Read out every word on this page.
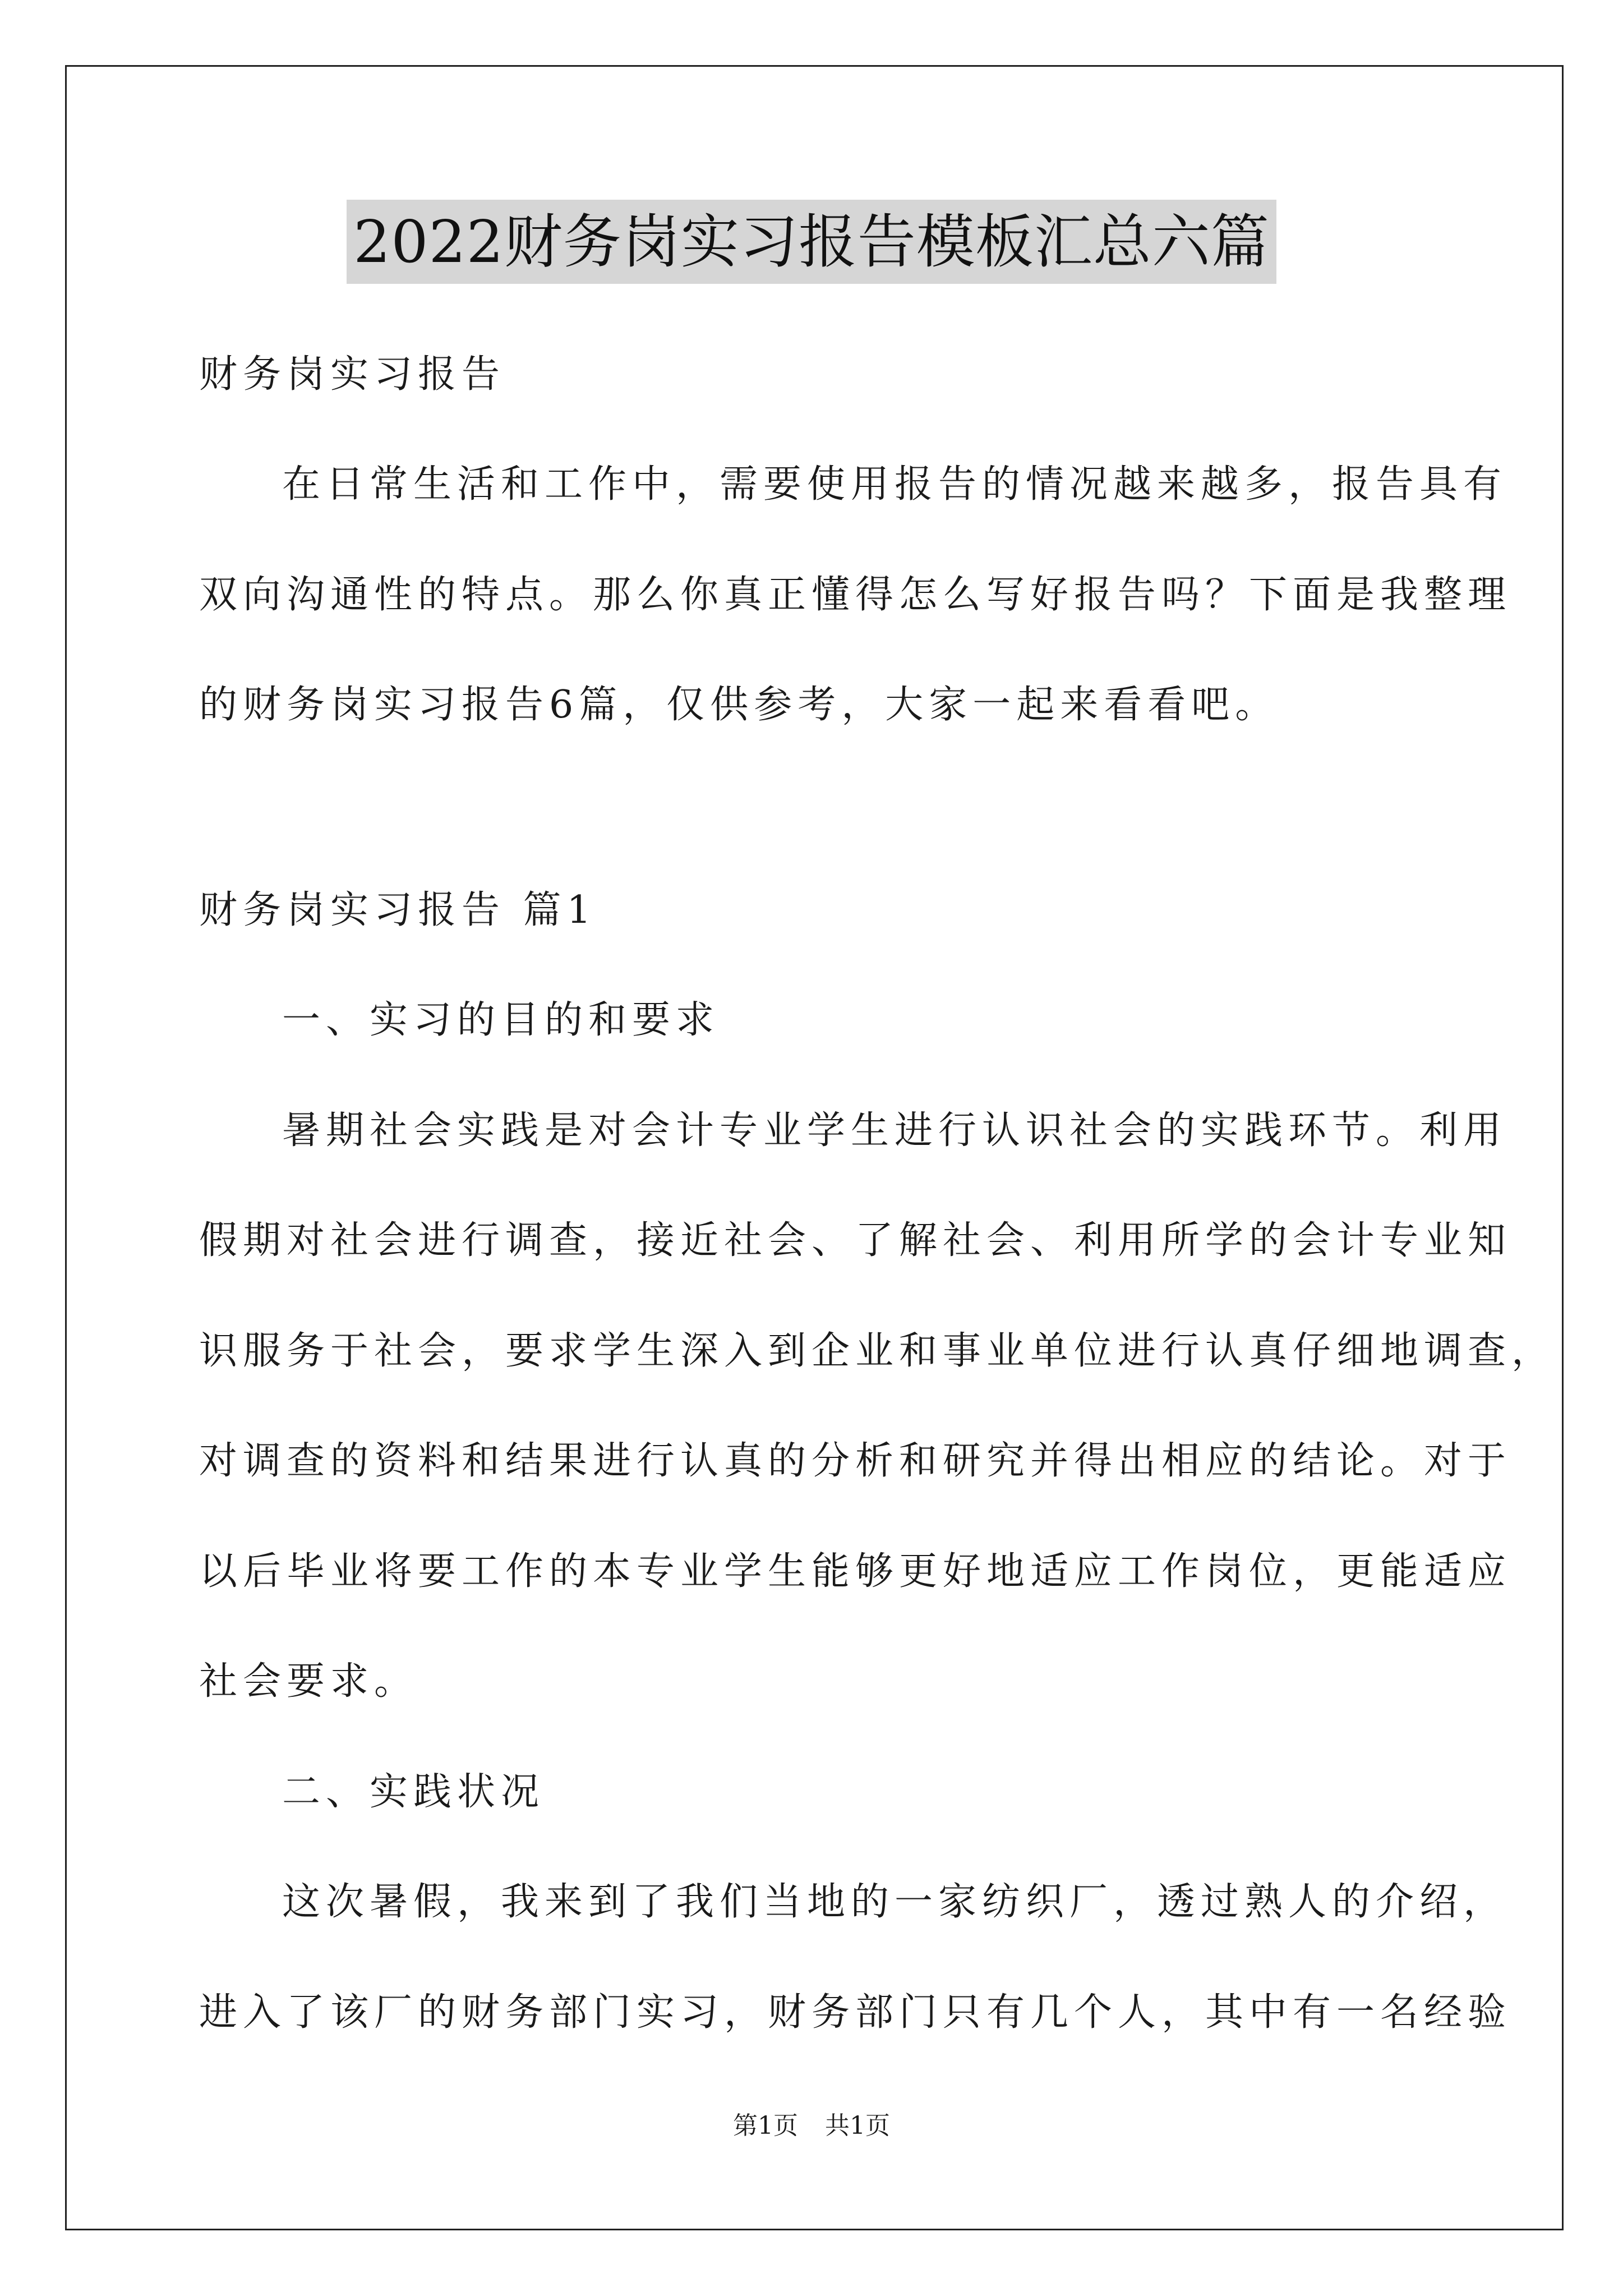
2022财务岗实习报告模板汇总六篇
财务岗实习报告
在日常生活和工作中，需要使用报告的情况越来越多，报告具有
双向沟通性的特点。那么你真正懂得怎么写好报告吗？下面是我整理
的财务岗实习报告6篇，仅供参考，大家一起来看看吧。
财务岗实习报告 篇1
一、实习的目的和要求
暑期社会实践是对会计专业学生进行认识社会的实践环节。利用
假期对社会进行调查，接近社会、了解社会、利用所学的会计专业知
识服务于社会，要求学生深入到企业和事业单位进行认真仔细地调查，
对调查的资料和结果进行认真的分析和研究并得出相应的结论。对于
以后毕业将要工作的本专业学生能够更好地适应工作岗位，更能适应
社会要求。
二、实践状况
这次暑假，我来到了我们当地的一家纺织厂，透过熟人的介绍，
进入了该厂的财务部门实习，财务部门只有几个人，其中有一名经验
第1页 共1页
